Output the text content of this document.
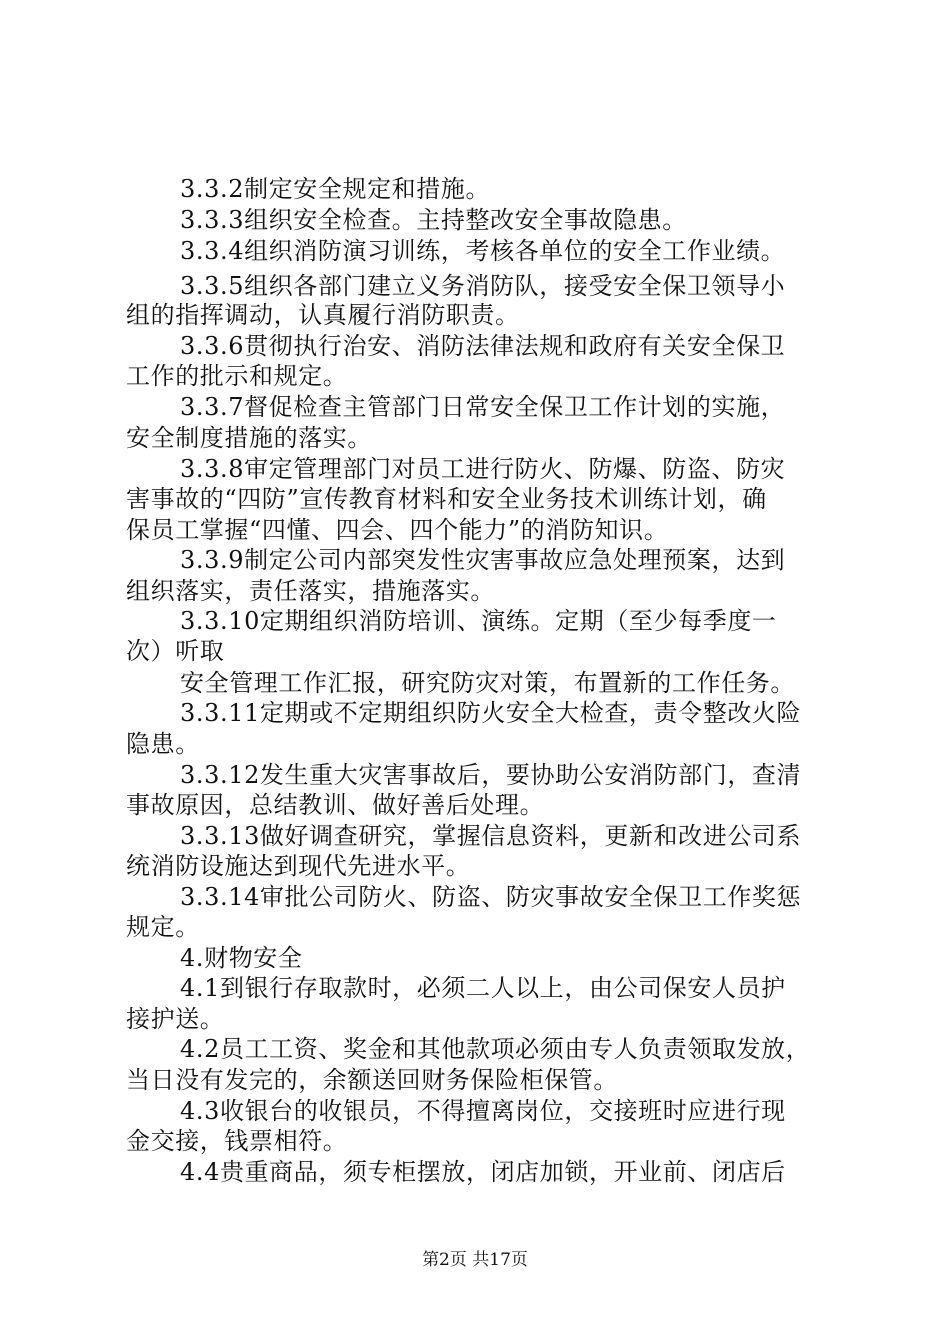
3.3.2制定安全规定和措施。
3.3.3组织安全检查。主持整改安全事故隐患。
3.3.4组织消防演习训练，考核各单位的安全工作业绩。
3.3.5组织各部门建立义务消防队，接受安全保卫领导小
组的指挥调动，认真履行消防职责。
3.3.6贯彻执行治安、消防法律法规和政府有关安全保卫
工作的批示和规定。
3.3.7督促检查主管部门日常安全保卫工作计划的实施，
安全制度措施的落实。
3.3.8审定管理部门对员工进行防火、防爆、防盗、防灾
害事故的“四防”宣传教育材料和安全业务技术训练计划，确
保员工掌握“四懂、四会、四个能力”的消防知识。
3.3.9制定公司内部突发性灾害事故应急处理预案，达到
组织落实，责任落实，措施落实。
3.3.10定期组织消防培训、演练。定期（至少每季度一
次）听取
安全管理工作汇报，研究防灾对策，布置新的工作任务。
3.3.11定期或不定期组织防火安全大检查，责令整改火险
隐患。
3.3.12发生重大灾害事故后，要协助公安消防部门，查清
事故原因，总结教训、做好善后处理。
3.3.13做好调查研究，掌握信息资料，更新和改进公司系
统消防设施达到现代先进水平。
3.3.14审批公司防火、防盗、防灾事故安全保卫工作奖惩
规定。
4.财物安全
4.1到银行存取款时，必须二人以上，由公司保安人员护
接护送。
4.2员工工资、奖金和其他款项必须由专人负责领取发放，
当日没有发完的，余额送回财务保险柜保管。
4.3收银台的收银员，不得擅离岗位，交接班时应进行现
金交接，钱票相符。
4.4贵重商品，须专柜摆放，闭店加锁，开业前、闭店后
第2页 共17页
